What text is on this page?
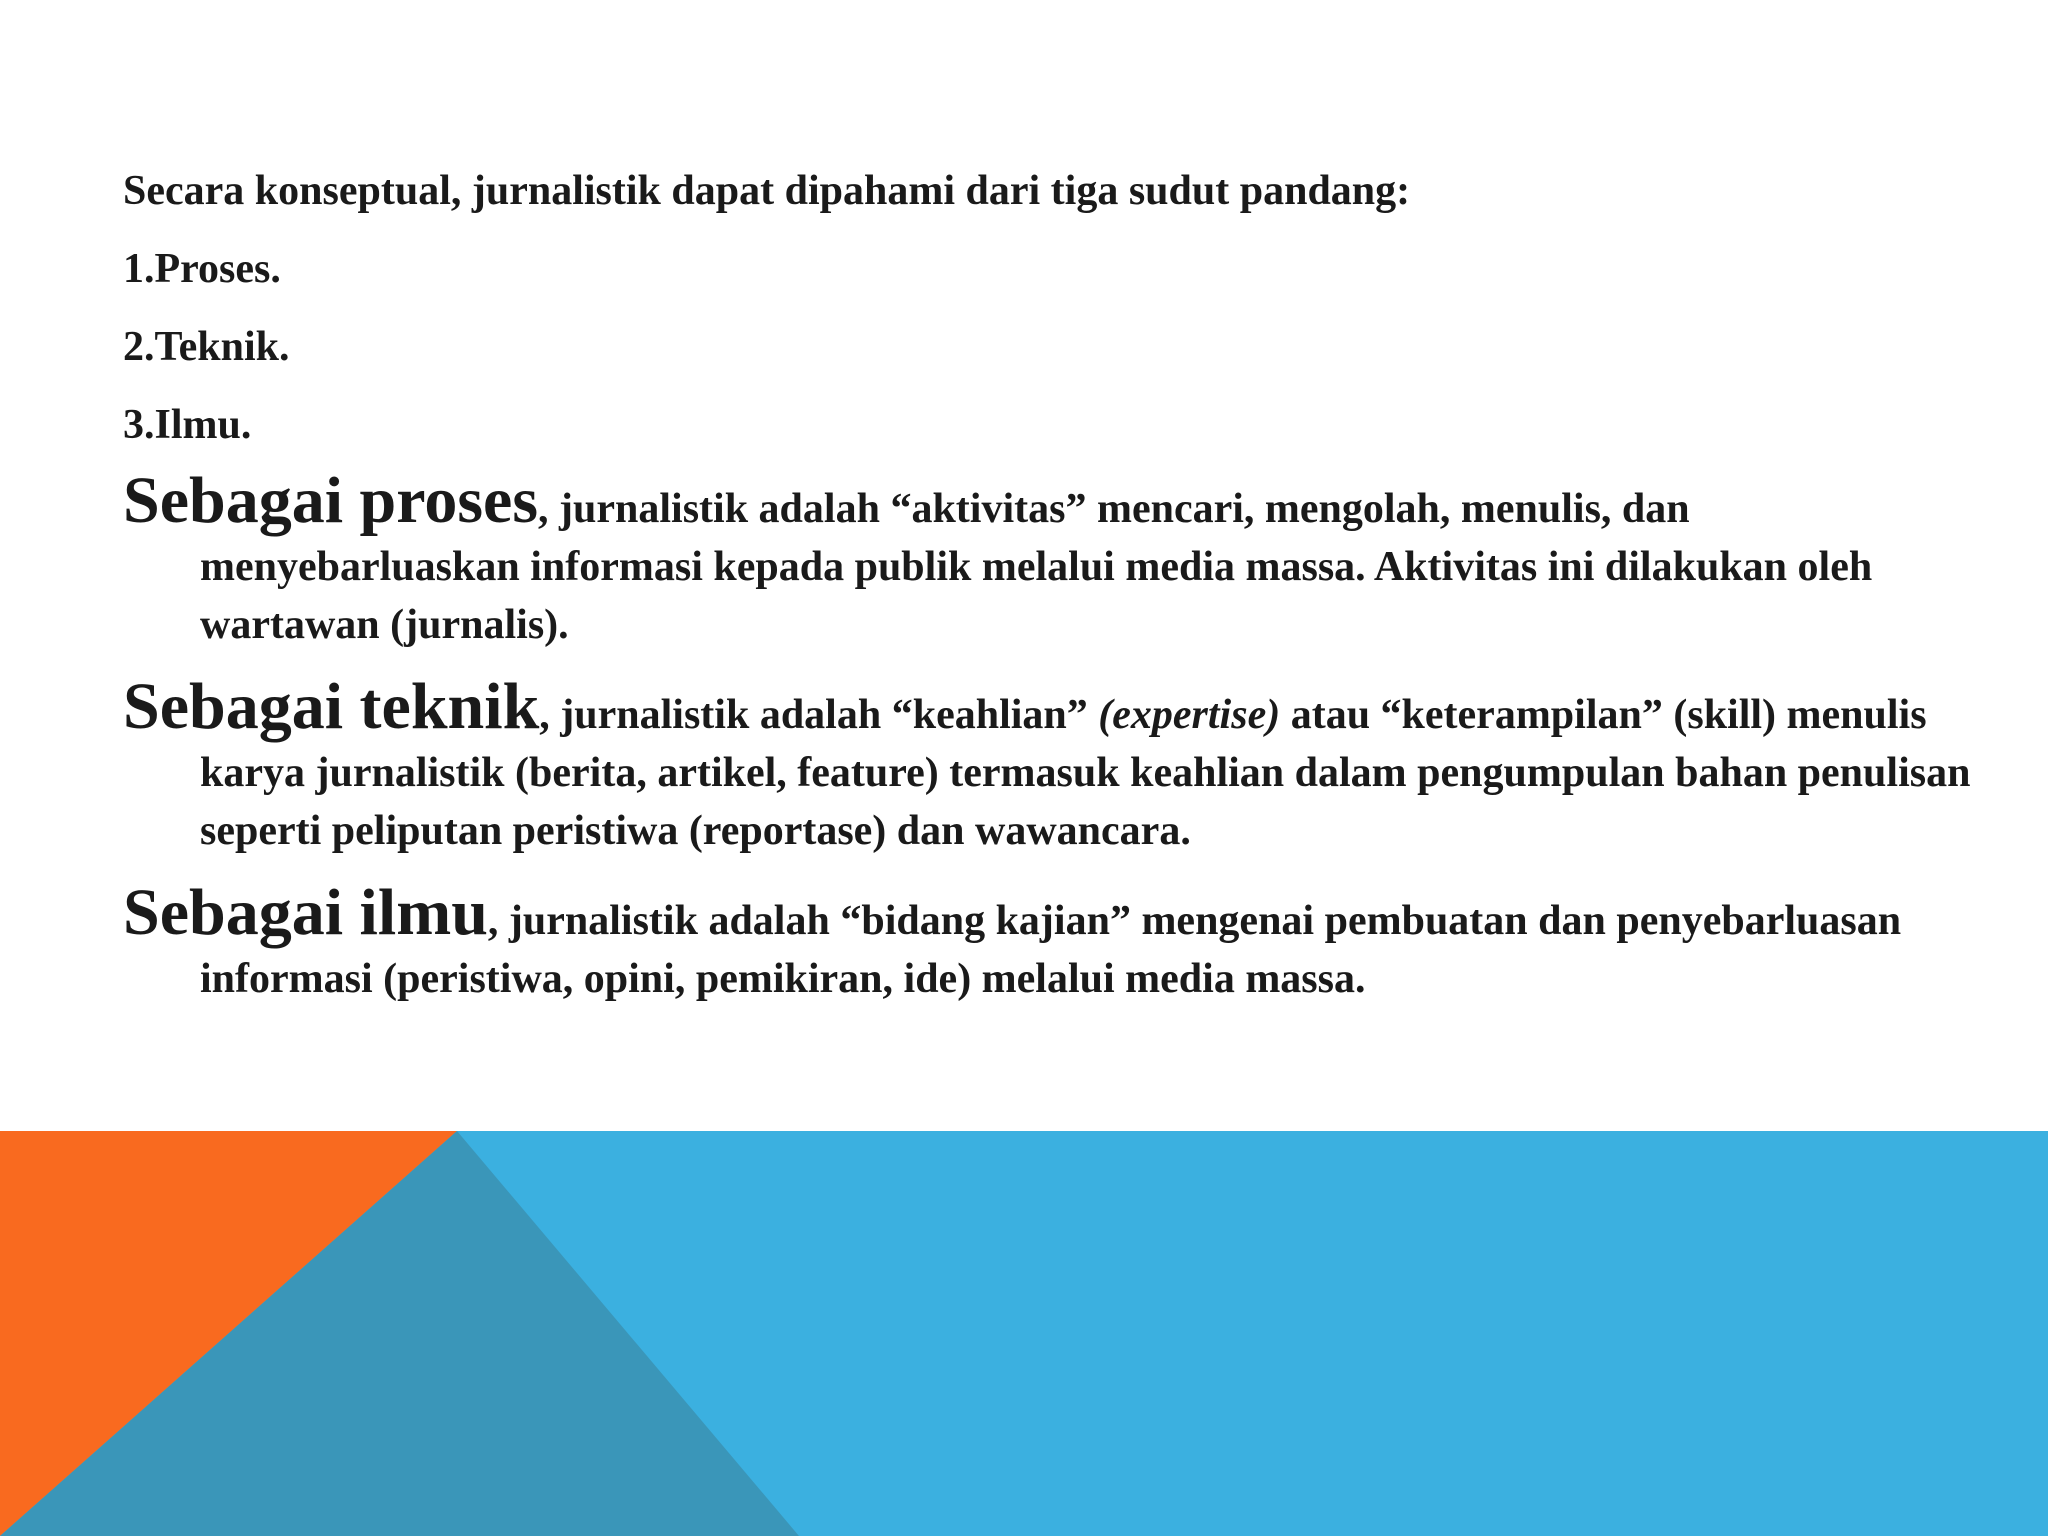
Secara konseptual, jurnalistik dapat dipahami dari tiga sudut pandang:

1.Proses.

2.Teknik.

3.Ilmu.

Sebagai proses, jurnalistik adalah “aktivitas” mencari, mengolah, menulis, dan menyebarluaskan informasi kepada publik melalui media massa. Aktivitas ini dilakukan oleh wartawan (jurnalis).

Sebagai teknik, jurnalistik adalah “keahlian” (expertise) atau “keterampilan” (skill) menulis karya jurnalistik (berita, artikel, feature) termasuk keahlian dalam pengumpulan bahan penulisan seperti peliputan peristiwa (reportase) dan wawancara.

Sebagai ilmu, jurnalistik adalah “bidang kajian” mengenai pembuatan dan penyebarluasan informasi (peristiwa, opini, pemikiran, ide) melalui media massa.
